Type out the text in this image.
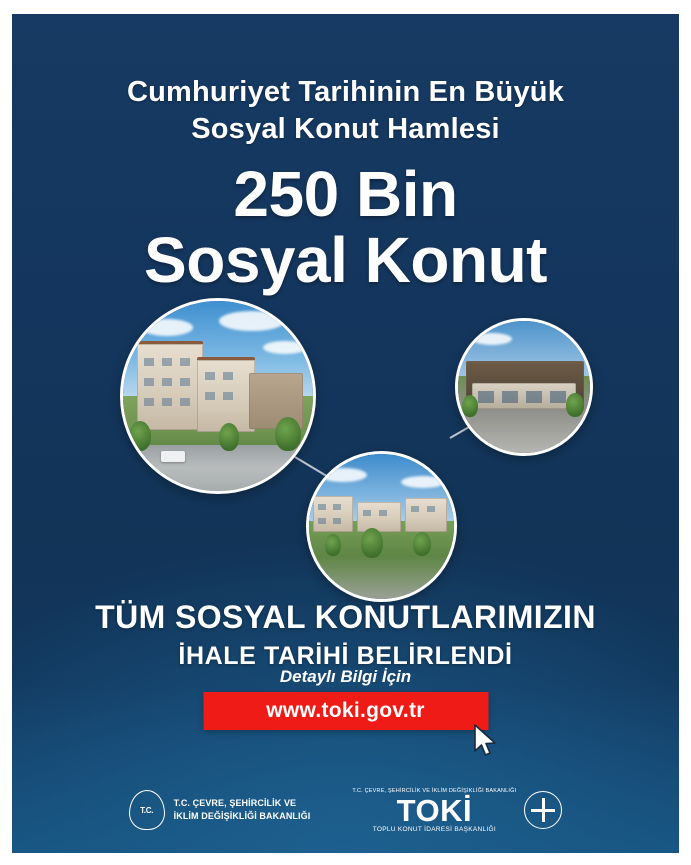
Cumhuriyet Tarihinin En Büyük
Sosyal Konut Hamlesi
250 Bin
Sosyal Konut
TÜM SOSYAL KONUTLARIMIZIN
İHALE TARİHİ BELİRLENDİ
Detaylı Bilgi İçin
www.toki.gov.tr
T.C.
T.C. ÇEVRE, ŞEHİRCİLİK VE
İKLİM DEĞİŞİKLİĞİ BAKANLIĞI
T.C. ÇEVRE, ŞEHİRCİLİK VE İKLİM DEĞİŞİKLİĞİ BAKANLIĞI
TOKİ
TOPLU KONUT İDARESİ BAŞKANLIĞI
